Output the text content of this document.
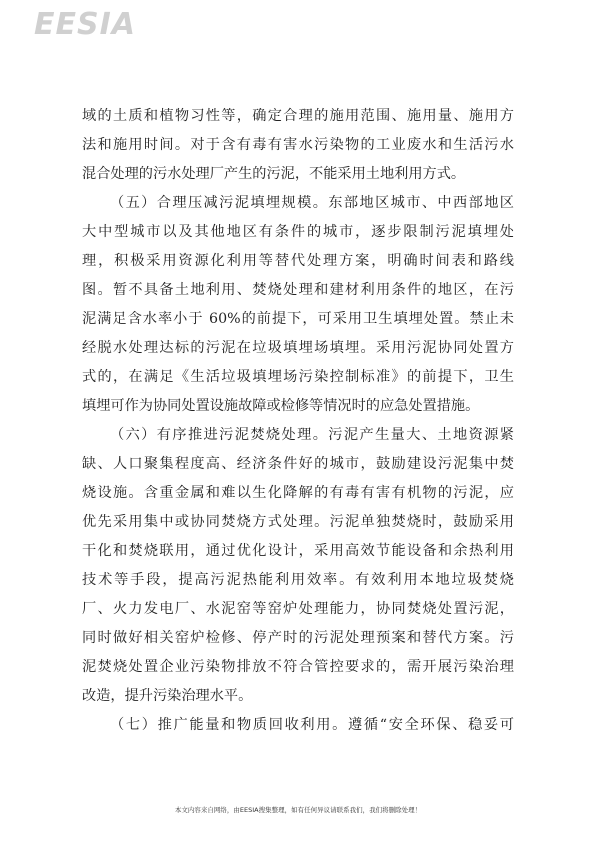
EESIA
域的土质和植物习性等，确定合理的施用范围、施用量、施用方
法和施用时间。对于含有毒有害水污染物的工业废水和生活污水
混合处理的污水处理厂产生的污泥，不能采用土地利用方式。
（五）合理压减污泥填埋规模。东部地区城市、中西部地区
大中型城市以及其他地区有条件的城市，逐步限制污泥填埋处
理，积极采用资源化利用等替代处理方案，明确时间表和路线
图。暂不具备土地利用、焚烧处理和建材利用条件的地区，在污
泥满足含水率小于 60%的前提下，可采用卫生填埋处置。禁止未
经脱水处理达标的污泥在垃圾填埋场填埋。采用污泥协同处置方
式的，在满足《生活垃圾填埋场污染控制标准》的前提下，卫生
填埋可作为协同处置设施故障或检修等情况时的应急处置措施。
（六）有序推进污泥焚烧处理。污泥产生量大、土地资源紧
缺、人口聚集程度高、经济条件好的城市，鼓励建设污泥集中焚
烧设施。含重金属和难以生化降解的有毒有害有机物的污泥，应
优先采用集中或协同焚烧方式处理。污泥单独焚烧时，鼓励采用
干化和焚烧联用，通过优化设计，采用高效节能设备和余热利用
技术等手段，提高污泥热能利用效率。有效利用本地垃圾焚烧
厂、火力发电厂、水泥窑等窑炉处理能力，协同焚烧处置污泥，
同时做好相关窑炉检修、停产时的污泥处理预案和替代方案。污
泥焚烧处置企业污染物排放不符合管控要求的，需开展污染治理
改造，提升污染治理水平。
（七）推广能量和物质回收利用。遵循“安全环保、稳妥可
本文内容来自网络，由EESIA搜集整理，如有任何异议请联系我们，我们将删除处理！
